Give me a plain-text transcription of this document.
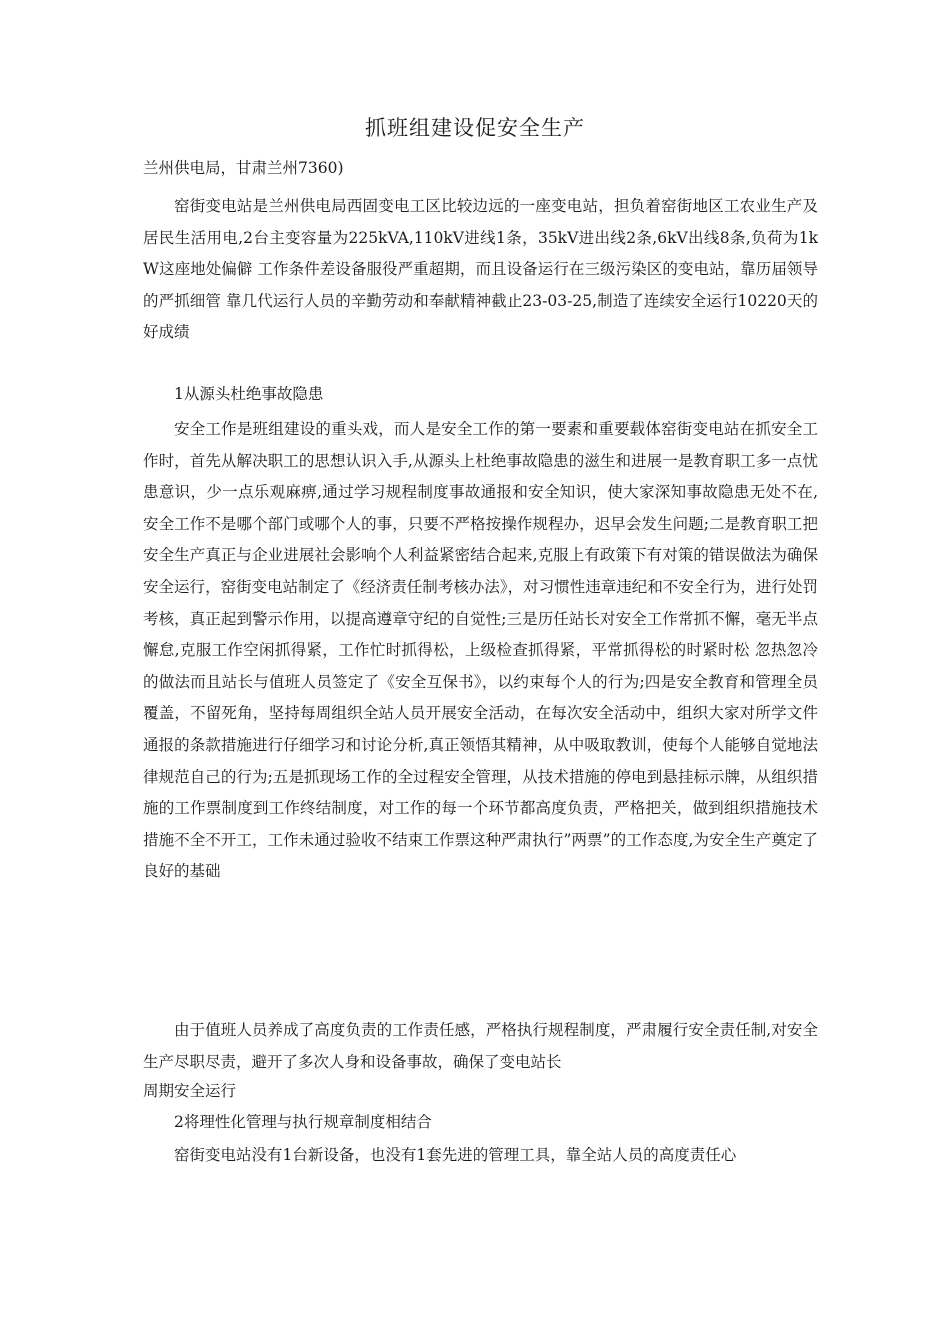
抓班组建设促安全生产

兰州供电局，甘肃兰州7360)

窑街变电站是兰州供电局西固变电工区比较边远的一座变电站，担负着窑街地区工农业生产及居民生活用电,2台主变容量为225kVA,110kV进线1条，35kV进出线2条,6kV出线8条,负荷为1kW这座地处偏僻 工作条件差设备服役严重超期，而且设备运行在三级污染区的变电站，靠历届领导的严抓细管 靠几代运行人员的辛勤劳动和奉献精神截止23-03-25,制造了连续安全运行10220天的好成绩

1从源头杜绝事故隐患

安全工作是班组建设的重头戏，而人是安全工作的第一要素和重要载体窑街变电站在抓安全工作时，首先从解决职工的思想认识入手,从源头上杜绝事故隐患的滋生和进展一是教育职工多一点忧患意识，少一点乐观麻痹,通过学习规程制度事故通报和安全知识，使大家深知事故隐患无处不在,安全工作不是哪个部门或哪个人的事，只要不严格按操作规程办，迟早会发生问题;二是教育职工把安全生产真正与企业进展社会影响个人利益紧密结合起来,克服上有政策下有对策的错误做法为确保安全运行，窑街变电站制定了《经济责任制考核办法》，对习惯性违章违纪和不安全行为，进行处罚考核，真正起到警示作用，以提高遵章守纪的自觉性;三是历任站长对安全工作常抓不懈，毫无半点懈怠,克服工作空闲抓得紧，工作忙时抓得松，上级检查抓得紧，平常抓得松的时紧时松 忽热忽冷的做法而且站长与值班人员签定了《安全互保书》，以约束每个人的行为;四是安全教育和管理全员覆盖，不留死角，坚持每周组织全站人员开展安全活动，在每次安全活动中，组织大家对所学文件 通报的条款措施进行仔细学习和讨论分析,真正领悟其精神，从中吸取教训，使每个人能够自觉地法律规范自己的行为;五是抓现场工作的全过程安全管理，从技术措施的停电到悬挂标示牌，从组织措施的工作票制度到工作终结制度，对工作的每一个环节都高度负责，严格把关，做到组织措施技术措施不全不开工，工作未通过验收不结束工作票这种严肃执行”两票”的工作态度,为安全生产奠定了良好的基础

由于值班人员养成了高度负责的工作责任感，严格执行规程制度，严肃履行安全责任制,对安全生产尽职尽责，避开了多次人身和设备事故，确保了变电站长

周期安全运行

2将理性化管理与执行规章制度相结合

窑街变电站没有1台新设备，也没有1套先进的管理工具，靠全站人员的高度责任心
